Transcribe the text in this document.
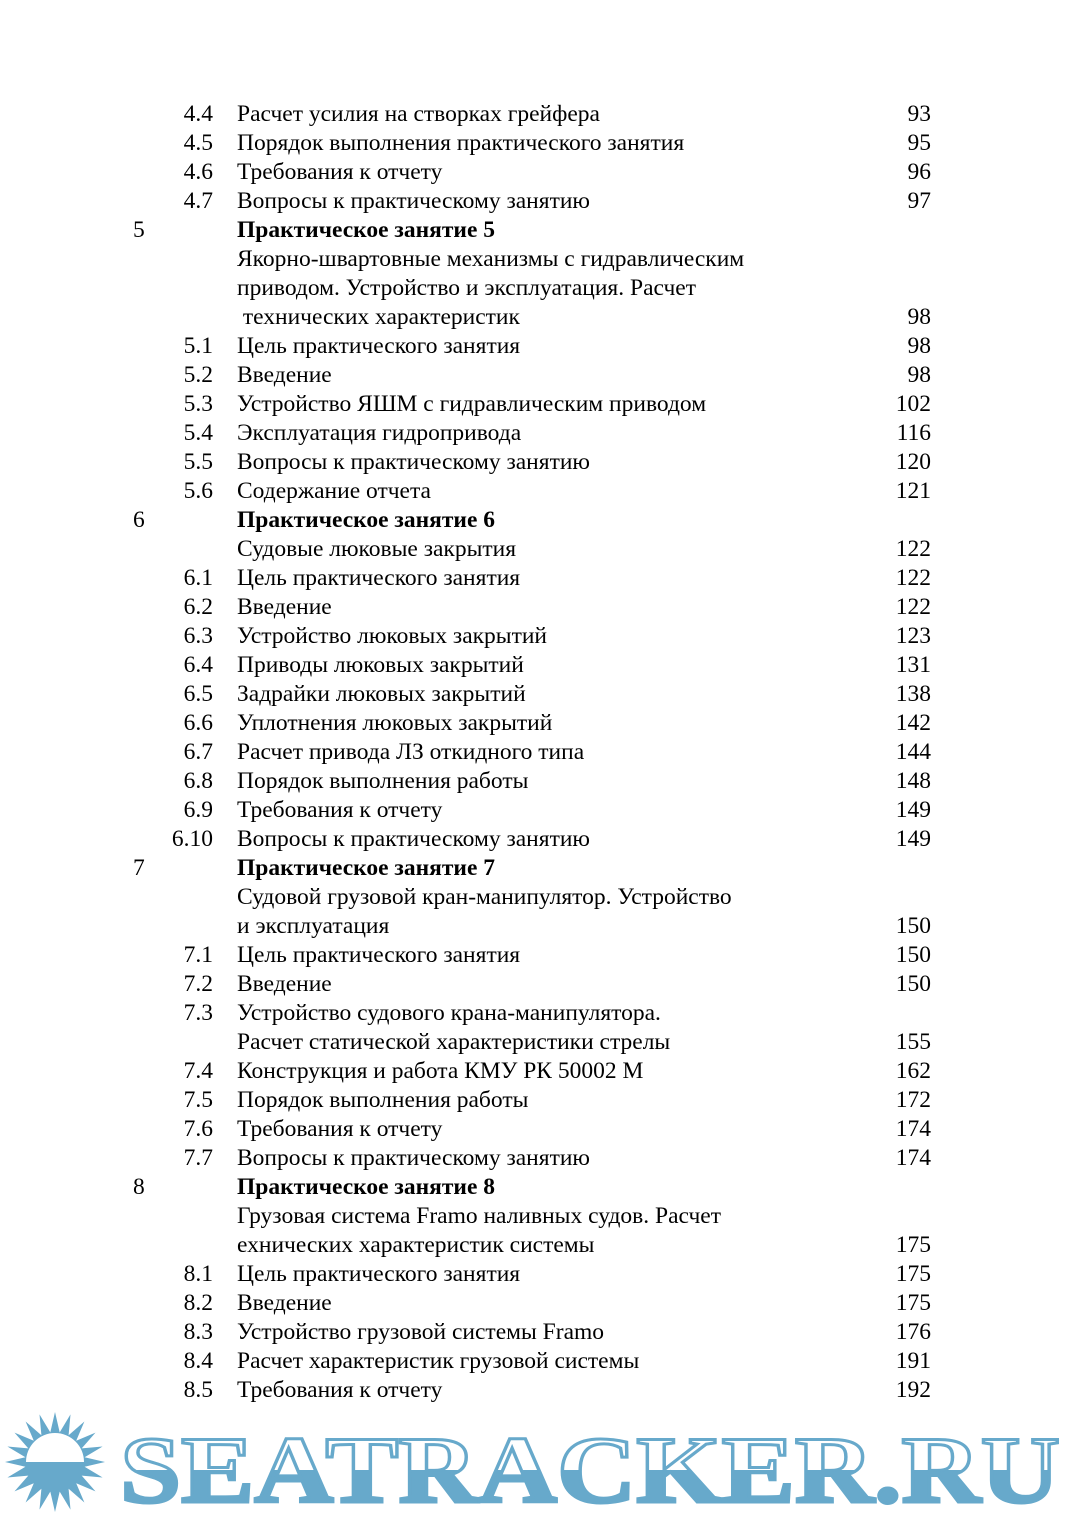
4.4 Расчет усилия на створках грейфера	93
4.5 Порядок выполнения практического занятия	95
4.6 Требования к отчету	96
4.7 Вопросы к практическому занятию	97
5	Практическое занятие 5
Якорно-швартовные механизмы с гидравлическим
приводом. Устройство и эксплуатация. Расчет
технических характеристик	98
5.1 Цель практического занятия	98
5.2 Введение	98
5.3 Устройство ЯШМ с гидравлическим приводом	102
5.4 Эксплуатация гидропривода	116
5.5 Вопросы к практическому занятию	120
5.6 Содержание отчета	121
6	Практическое занятие 6
Судовые люковые закрытия	122
6.1 Цель практического занятия	122
6.2 Введение	122
6.3 Устройство люковых закрытий	123
6.4 Приводы люковых закрытий	131
6.5 Задрайки люковых закрытий	138
6.6 Уплотнения люковых закрытий	142
6.7 Расчет привода ЛЗ откидного типа	144
6.8 Порядок выполнения работы	148
6.9 Требования к отчету	149
6.10 Вопросы к практическому занятию	149
7	Практическое занятие 7
Судовой грузовой кран-манипулятор. Устройство
и эксплуатация	150
7.1 Цель практического занятия	150
7.2 Введение	150
7.3 Устройство судового крана-манипулятора.
Расчет статической характеристики стрелы	155
7.4 Конструкция и работа КМУ РК 50002 М	162
7.5 Порядок выполнения работы	172
7.6 Требования к отчету	174
7.7 Вопросы к практическому занятию	174
8	Практическое занятие 8
Грузовая система Framo наливных судов. Расчет
ехнических характеристик системы	175
8.1 Цель практического занятия	175
8.2 Введение	175
8.3 Устройство грузовой системы Framo	176
8.4 Расчет характеристик грузовой системы	191
8.5 Требования к отчету	192
SEATRACKER.RU
